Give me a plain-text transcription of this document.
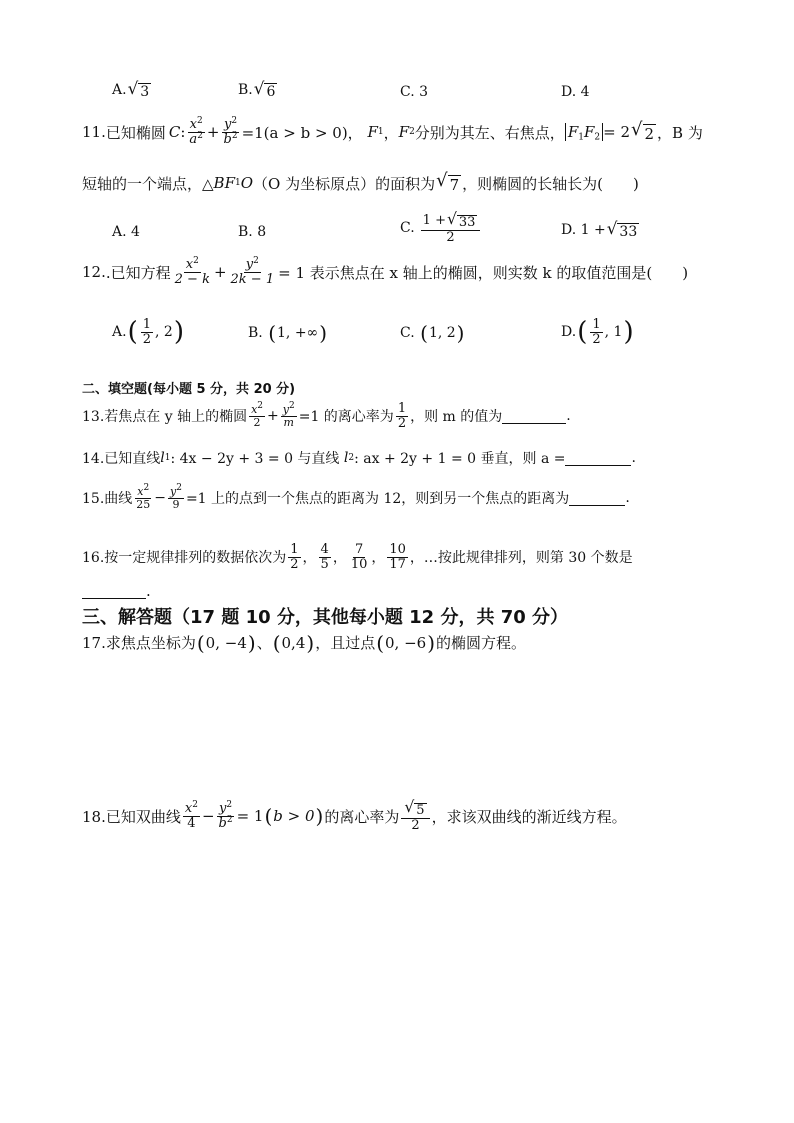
A. √ 3	B. √ 6	C.
3	D.
4
11. 已知椭圆 C : $\frac{x^2}{a^2} + \frac{y^2}{b^2} =1(a > b > 0)$，
F 1 ， F 2 分别为其左、右焦点， $F_1F_2 = 2$ √ 2 ，B 为
短轴的一个端点，△ BF 1 O （O 为坐标原点）的面积为 √ 7 ，则椭圆的长轴长为(　　)
A. 4	B. 8	C. $\frac{1 + √ 33}{2}$	D. 1 + √ 33
12. .已知方程 $\frac{x^2}{2 - k} + \frac{y^2}{2k - 1} = 1$ 表示焦点在 x 轴上的椭圆，则实数 k 的取值范围是(　　)
A. ( $\frac{1}{2}$ , 2 )	B.
( 1, +∞ )	C.
( 1, 2 )	D. ( $\frac{1}{2}$ , 1 )
二、填空题(每小题 5 分，共 20 分)
13.若焦点在 y 轴上的椭圆 $\frac{x^2}{2} + \frac{y^2}{m} =1$ 的离心率为 $\frac{1}{2}$ ，则 m 的值为	.
14.已知直线 l 1 : 4x − 2y + 3 = 0 与直线
l 2 : ax + 2y + 1 = 0 垂直，则 a =	.
15.曲线 $\frac{x^2}{25} - \frac{y^2}{9} =1$ 上的点到一个焦点的距离为 12，则到另一个焦点的距离为	.
16.按一定规律排列的数据依次为 $\frac{1}{2}$ ， $\frac{4}{5}$ ， $\frac{7}{10}$ ， $\frac{10}{17}$ ，…按此规律排列，则第 30 个数是
.
三、解答题（17 题 10 分，其他每小题 12 分，共 70 分）
17.求焦点坐标为 ( 0, −4 ) 、 ( 0,4 ) ，且过点 ( 0, −6 ) 的椭圆方程。
18.已知双曲线 $\frac{x^2}{4} - \frac{y^2}{b^2} = 1$ ( b > 0 ) 的离心率为 $\frac{√ 5}{2}$ ，求该双曲线的渐近线方程。
